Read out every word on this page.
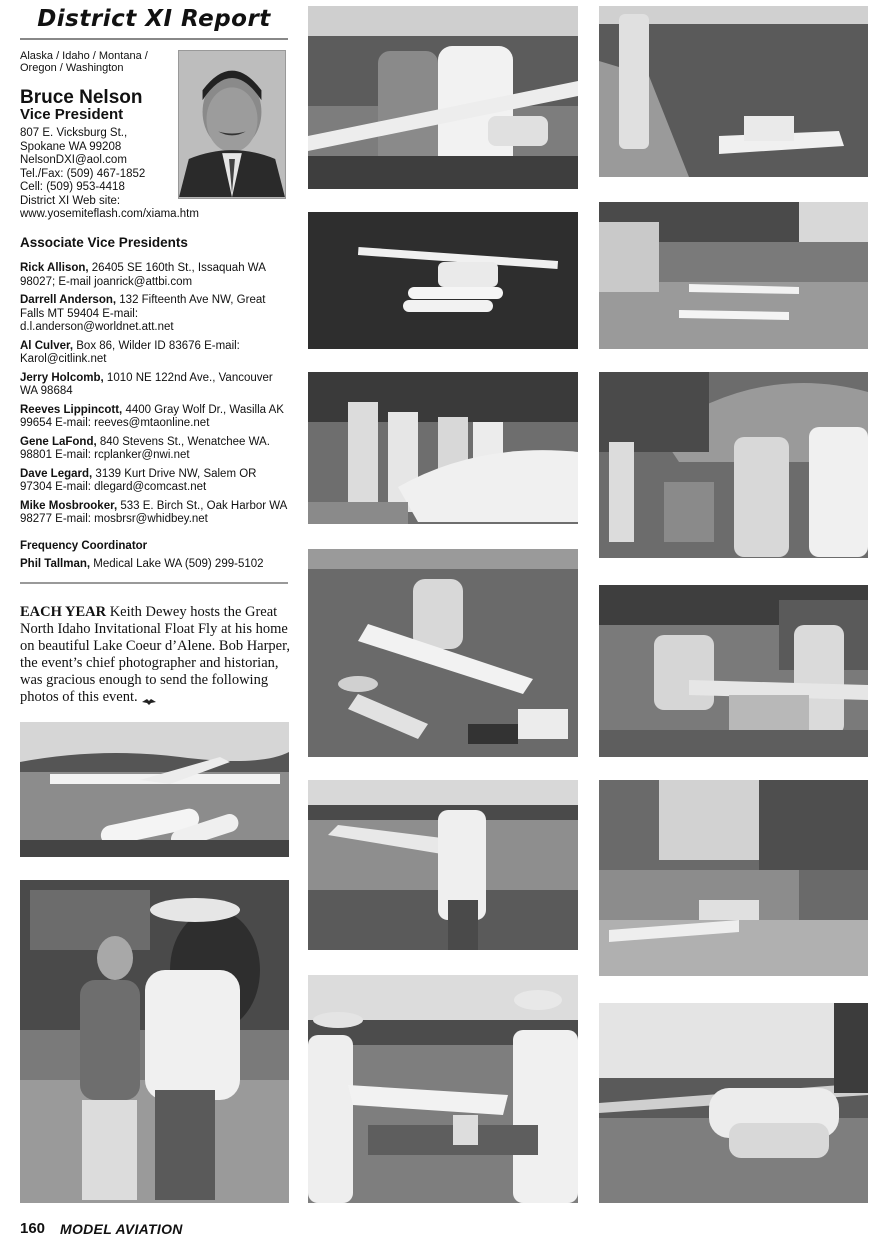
District XI Report
Alaska / Idaho / Montana / Oregon / Washington
Bruce Nelson
Vice President
807 E. Vicksburg St.,
Spokane WA 99208
NelsonDXI@aol.com
Tel./Fax: (509) 467-1852
Cell: (509) 953-4418
District XI Web site:
www.yosemiteflash.com/xiama.htm
Associate Vice Presidents
Rick Allison, 26405 SE 160th St., Issaquah WA 98027; E-mail joanrick@attbi.com
Darrell Anderson, 132 Fifteenth Ave NW, Great Falls MT 59404 E-mail: d.l.anderson@worldnet.att.net
Al Culver, Box 86, Wilder ID 83676 E-mail: Karol@citlink.net
Jerry Holcomb, 1010 NE 122nd Ave., Vancouver WA 98684
Reeves Lippincott, 4400 Gray Wolf Dr., Wasilla AK 99654 E-mail: reeves@mtaonline.net
Gene LaFond, 840 Stevens St., Wenatchee WA. 98801 E-mail: rcplanker@nwi.net
Dave Legard, 3139 Kurt Drive NW, Salem OR 97304 E-mail: dlegard@comcast.net
Mike Mosbrooker, 533 E. Birch St., Oak Harbor WA 98277 E-mail: mosbrsr@whidbey.net
Frequency Coordinator
Phil Tallman, Medical Lake WA (509) 299-5102
EACH YEAR Keith Dewey hosts the Great North Idaho Invitational Float Fly at his home on beautiful Lake Coeur d’Alene. Bob Harper, the event’s chief photographer and historian, was gracious enough to send the following photos of this event.
160 MODEL AVIATION
